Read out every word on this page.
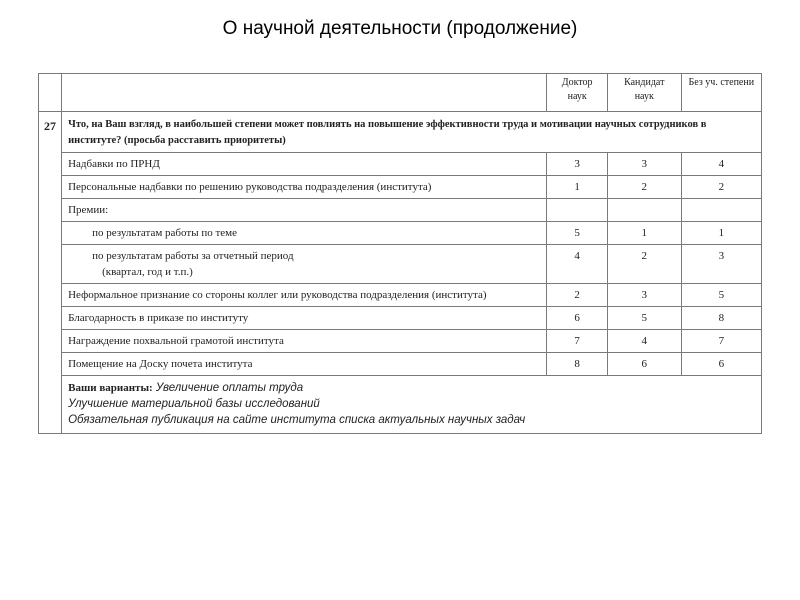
О научной деятельности (продолжение)
		Доктор наук	Кандидат наук	Без уч. степени
27	Что, на Ваш взгляд, в наибольшей степени может повлиять на повышение эффективности труда и мотивации научных сотрудников в институте? (просьба расставить приоритеты)			
	Надбавки по ПРНД	3	3	4
	Персональные надбавки по решению руководства подразделения (института)	1	2	2
	Премии:			
	по результатам работы по теме	5	1	1
	по результатам работы за отчетный период
(квартал, год и т.п.)	4	2	3
	Неформальное признание со стороны коллег или руководства подразделения (института)	2	3	5
	Благодарность в приказе по институту	6	5	8
	Награждение похвальной грамотой института	7	4	7
	Помещение на Доску почета института	8	6	6
	Ваши варианты: Увеличение оплаты труда
Улучшение материальной базы исследований
Обязательная публикация на сайте института списка актуальных научных задач			
